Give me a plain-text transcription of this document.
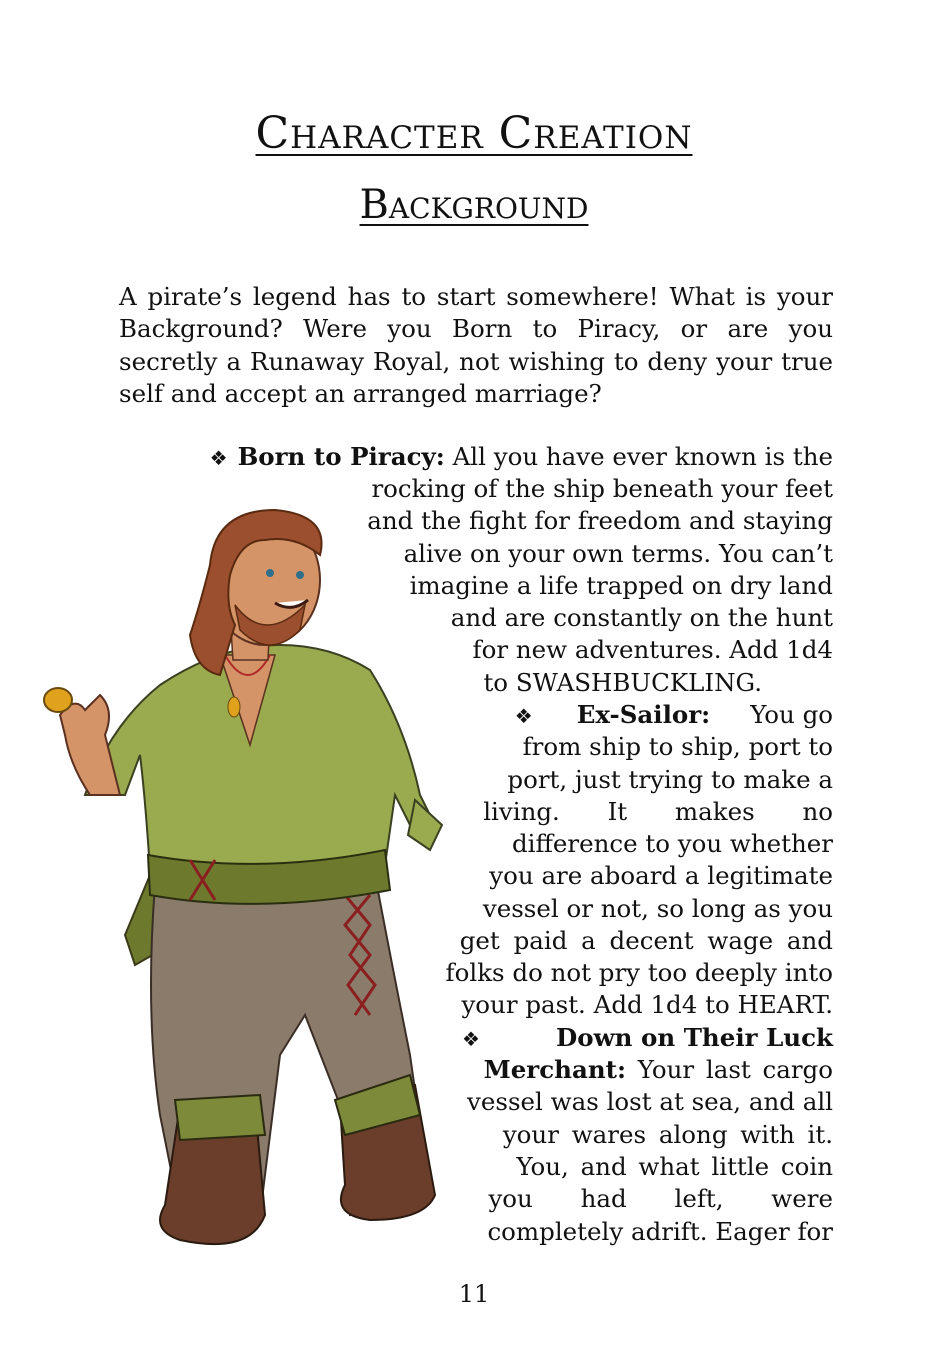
Character Creation
Background

A pirate’s legend has to start somewhere! What is your Background? Were you Born to Piracy, or are you secretly a Runaway Royal, not wishing to deny your true self and accept an arranged marriage?

❖ Born to Piracy: All you have ever known is the
rocking of the ship beneath your feet
and the fight for freedom and staying
alive on your own terms. You can’t
imagine a life trapped on dry land
and are constantly on the hunt
for new adventures. Add 1d4
to SWASHBUCKLING.
❖ Ex-Sailor: You go
from ship to ship, port to
port, just trying to make a
living. It makes no
difference to you whether
you are aboard a legitimate
vessel or not, so long as you
get paid a decent wage and
folks do not pry too deeply into
your past. Add 1d4 to HEART.
❖	Down on Their Luck
Merchant: Your last cargo
vessel was lost at sea, and all
your wares along with it.
You, and what little coin
you had left, were
completely adrift. Eager for
11
